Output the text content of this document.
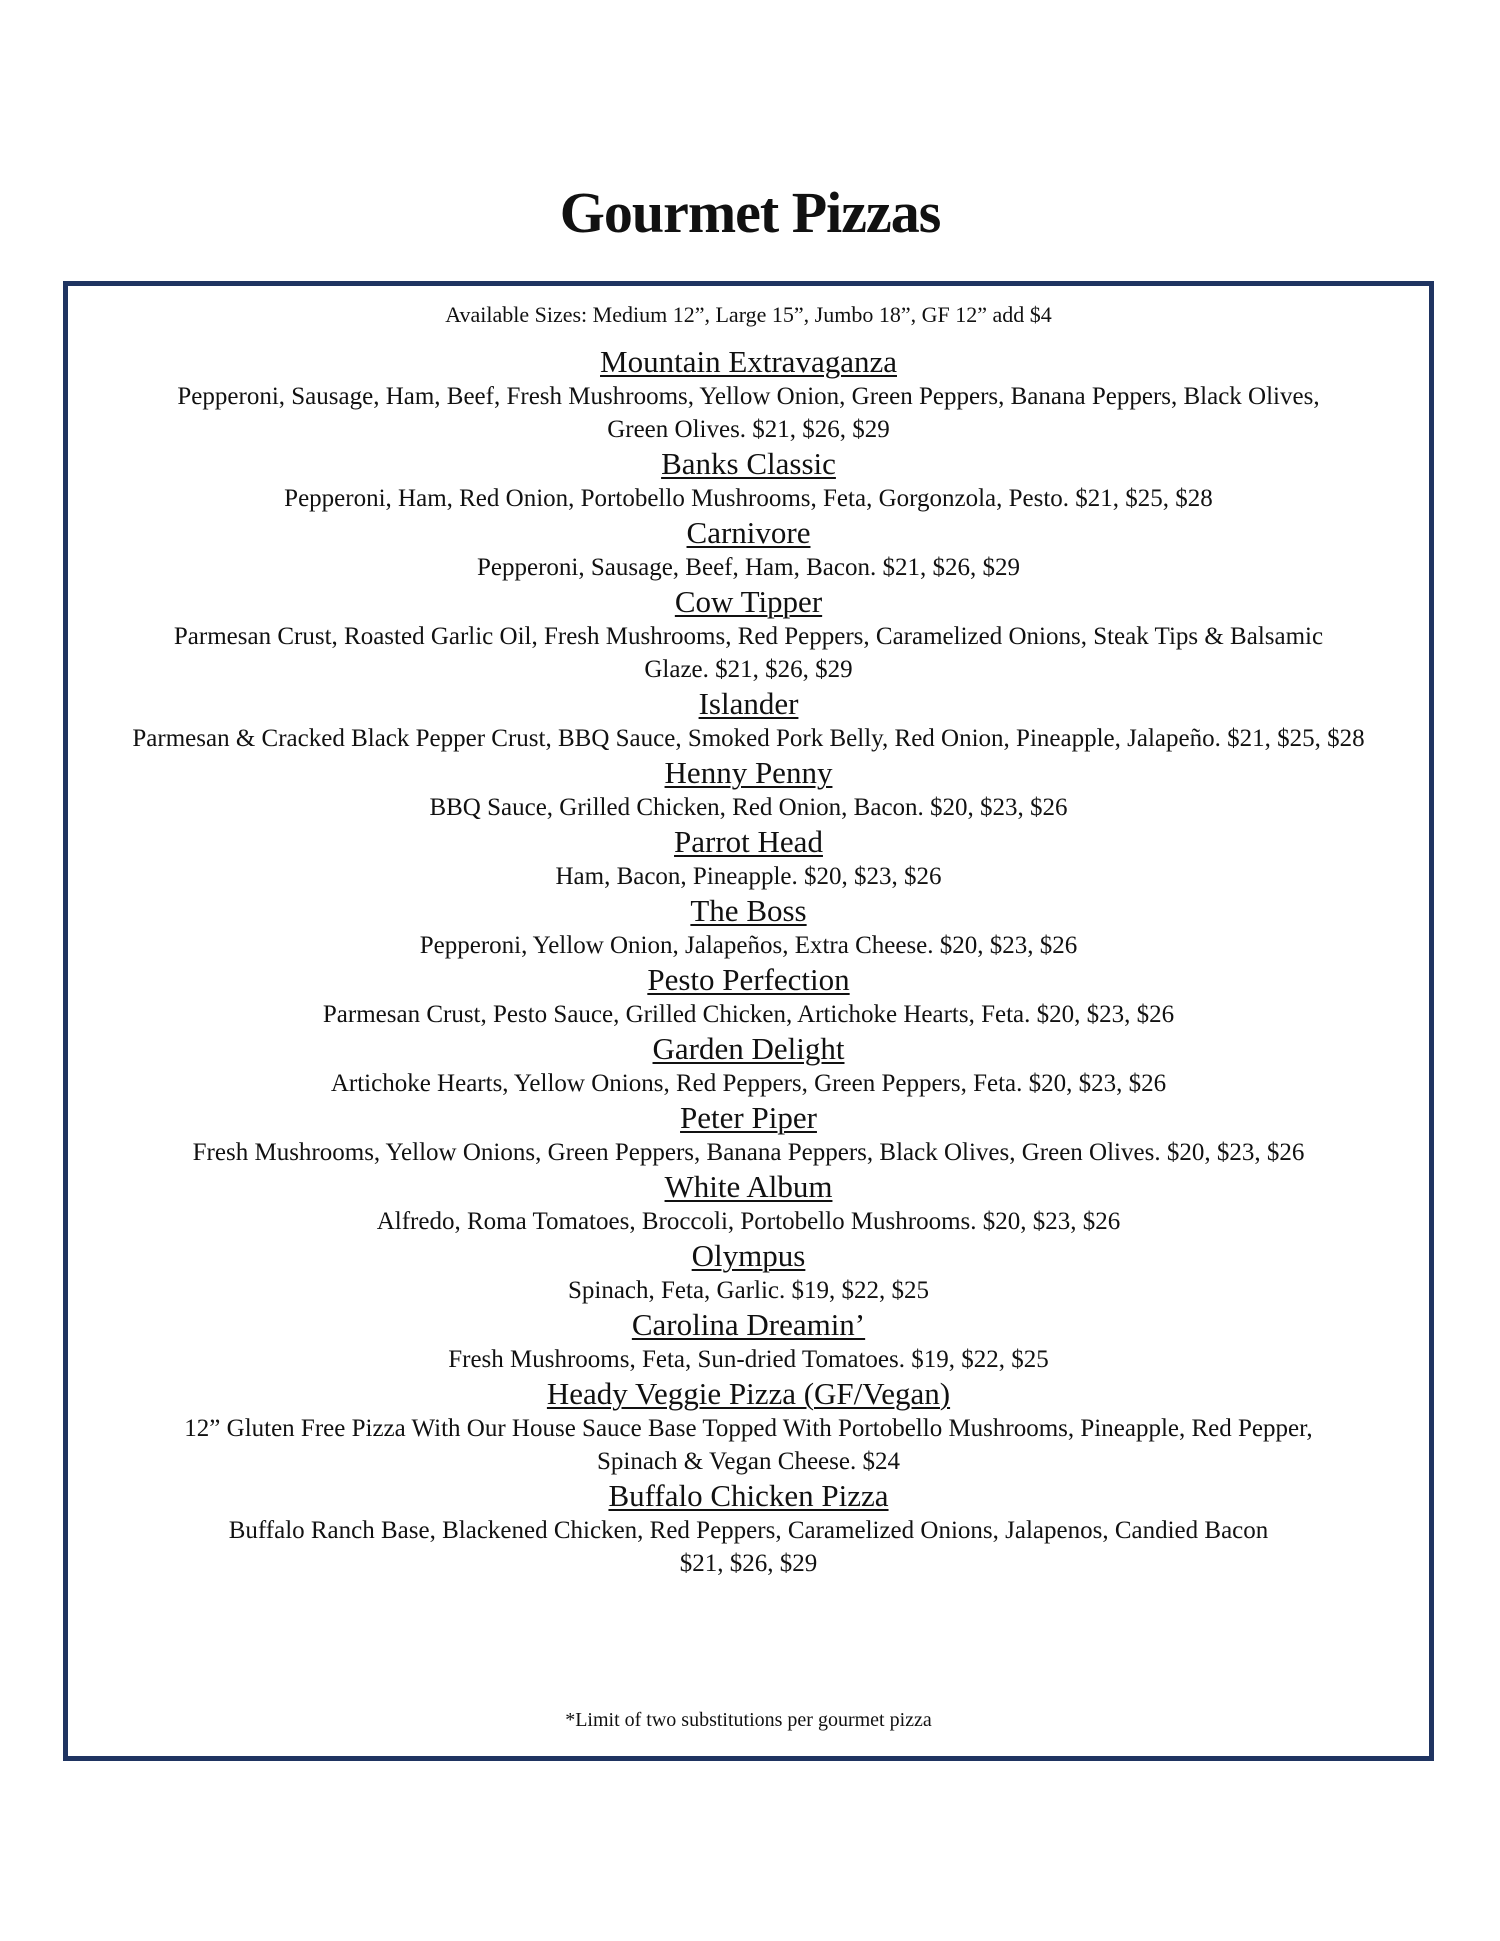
Gourmet Pizzas
Available Sizes: Medium 12”, Large 15”, Jumbo 18”, GF 12” add $4
Mountain Extravaganza
Pepperoni, Sausage, Ham, Beef, Fresh Mushrooms, Yellow Onion, Green Peppers, Banana Peppers, Black Olives, Green Olives. $21, $26, $29
Banks Classic
Pepperoni, Ham, Red Onion, Portobello Mushrooms, Feta, Gorgonzola, Pesto. $21, $25, $28
Carnivore
Pepperoni, Sausage, Beef, Ham, Bacon. $21, $26, $29
Cow Tipper
Parmesan Crust, Roasted Garlic Oil, Fresh Mushrooms, Red Peppers, Caramelized Onions, Steak Tips & Balsamic Glaze. $21, $26, $29
Islander
Parmesan & Cracked Black Pepper Crust, BBQ Sauce, Smoked Pork Belly, Red Onion, Pineapple, Jalapeño. $21, $25, $28
Henny Penny
BBQ Sauce, Grilled Chicken, Red Onion, Bacon. $20, $23, $26
Parrot Head
Ham, Bacon, Pineapple. $20, $23, $26
The Boss
Pepperoni, Yellow Onion, Jalapeños, Extra Cheese. $20, $23, $26
Pesto Perfection
Parmesan Crust, Pesto Sauce, Grilled Chicken, Artichoke Hearts, Feta. $20, $23, $26
Garden Delight
Artichoke Hearts, Yellow Onions, Red Peppers, Green Peppers, Feta. $20, $23, $26
Peter Piper
Fresh Mushrooms, Yellow Onions, Green Peppers, Banana Peppers, Black Olives, Green Olives. $20, $23, $26
White Album
Alfredo, Roma Tomatoes, Broccoli, Portobello Mushrooms. $20, $23, $26
Olympus
Spinach, Feta, Garlic. $19, $22, $25
Carolina Dreamin’
Fresh Mushrooms, Feta, Sun-dried Tomatoes. $19, $22, $25
Heady Veggie Pizza (GF/Vegan)
12” Gluten Free Pizza With Our House Sauce Base Topped With Portobello Mushrooms, Pineapple, Red Pepper, Spinach & Vegan Cheese. $24
Buffalo Chicken Pizza
Buffalo Ranch Base, Blackened Chicken, Red Peppers, Caramelized Onions, Jalapenos, Candied Bacon $21, $26, $29
*Limit of two substitutions per gourmet pizza
